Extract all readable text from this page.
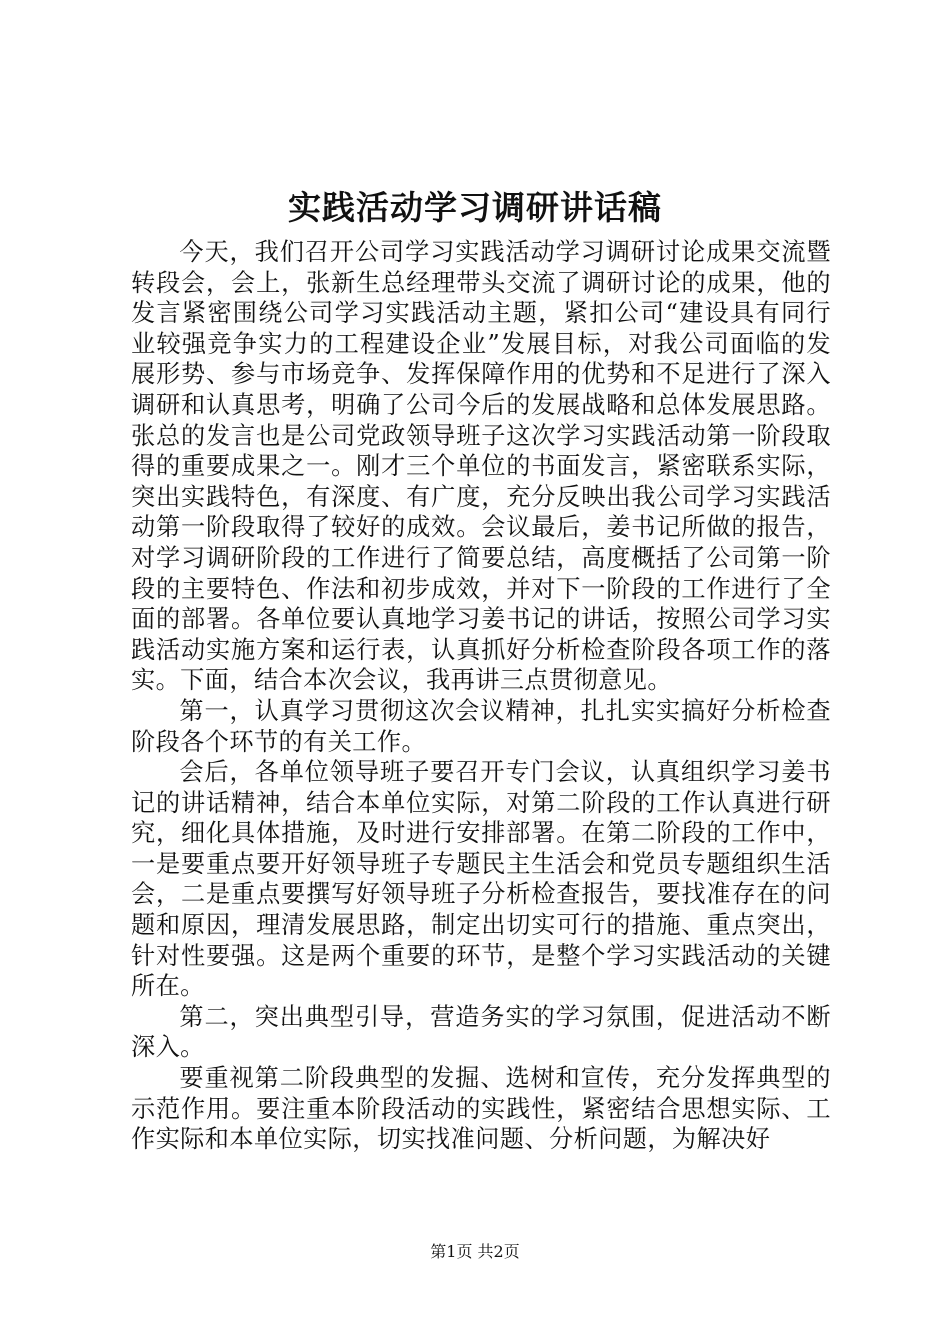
实践活动学习调研讲话稿

今天，我们召开公司学习实践活动学习调研讨论成果交流暨转段会，会上，张新生总经理带头交流了调研讨论的成果，他的发言紧密围绕公司学习实践活动主题，紧扣公司“建设具有同行业较强竞争实力的工程建设企业”发展目标，对我公司面临的发展形势、参与市场竞争、发挥保障作用的优势和不足进行了深入调研和认真思考，明确了公司今后的发展战略和总体发展思路。张总的发言也是公司党政领导班子这次学习实践活动第一阶段取得的重要成果之一。刚才三个单位的书面发言，紧密联系实际，突出实践特色，有深度、有广度，充分反映出我公司学习实践活动第一阶段取得了较好的成效。会议最后，姜书记所做的报告，对学习调研阶段的工作进行了简要总结，高度概括了公司第一阶段的主要特色、作法和初步成效，并对下一阶段的工作进行了全面的部署。各单位要认真地学习姜书记的讲话，按照公司学习实践活动实施方案和运行表，认真抓好分析检查阶段各项工作的落实。下面，结合本次会议，我再讲三点贯彻意见。

第一，认真学习贯彻这次会议精神，扎扎实实搞好分析检查阶段各个环节的有关工作。

会后，各单位领导班子要召开专门会议，认真组织学习姜书记的讲话精神，结合本单位实际，对第二阶段的工作认真进行研究，细化具体措施，及时进行安排部署。在第二阶段的工作中，一是要重点要开好领导班子专题民主生活会和党员专题组织生活会，二是重点要撰写好领导班子分析检查报告，要找准存在的问题和原因，理清发展思路，制定出切实可行的措施、重点突出，针对性要强。这是两个重要的环节，是整个学习实践活动的关键所在。

第二，突出典型引导，营造务实的学习氛围，促进活动不断深入。

要重视第二阶段典型的发掘、选树和宣传，充分发挥典型的示范作用。要注重本阶段活动的实践性，紧密结合思想实际、工作实际和本单位实际，切实找准问题、分析问题，为解决好

第1页 共2页
